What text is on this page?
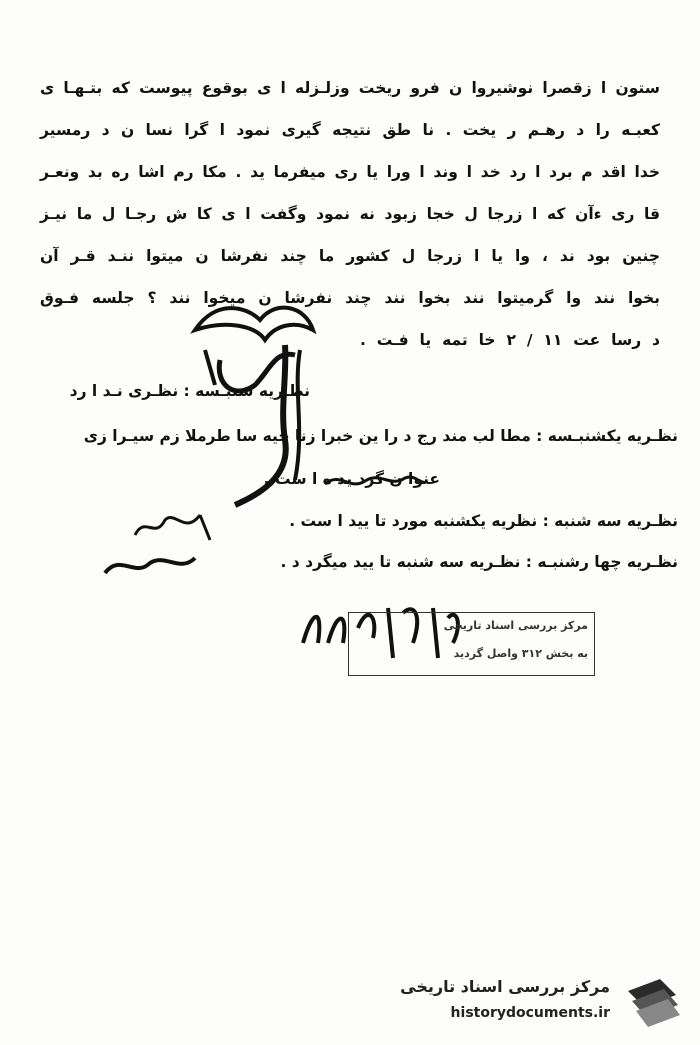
ستون ا زقصرا نوشیروا ن فرو ریخت وزلـزله ا ی بوقوع پیوست که بتـهـا ی
کعبـه را د رهـم ر یخت . نا طق نتیجه گیری نمود ا گرا نسا ن د رمسیر
خدا اقد م برد ا رد خد ا وند ا ورا یا ری میفرما ید . مکا رم اشا ره بد ونعـر
قا ری ءآن که ا زرجا ل خجا زبود نه نمود وگفت ا ی کا ش رجـا ل ما نیـز
چنین بود ند ، وا یا ا زرجا ل کشور ما چند نفرشا ن میتوا ننـد قـر آن
بخوا نند وا گرمیتوا نند بخوا نند چند نفرشا ن میخوا نند ؟ جلسه فـوق
د رسا عت ۱۱ / ۲ خا تمه یا فـت .
نظـریه شنبـسه : نظـری نـد ا رد
نظـریه یکشنبـسه : مطا لب مند رج د را ین خبرا زنا حیه سا طرملا زم سیـرا زی
عنوا ن گرد ید ه ا ست .
نظـریه سه شنبه : نظریه یکشنبه مورد تا یید ا ست .
نظـریه چها رشنبـه : نظـریه سه شنبه تا یید میگرد د .
مرکز بررسی اسناد تاریخی
به بخش ۳۱۲ واصل گردید
مرکز بررسی اسناد تاریخی
historydocuments.ir
